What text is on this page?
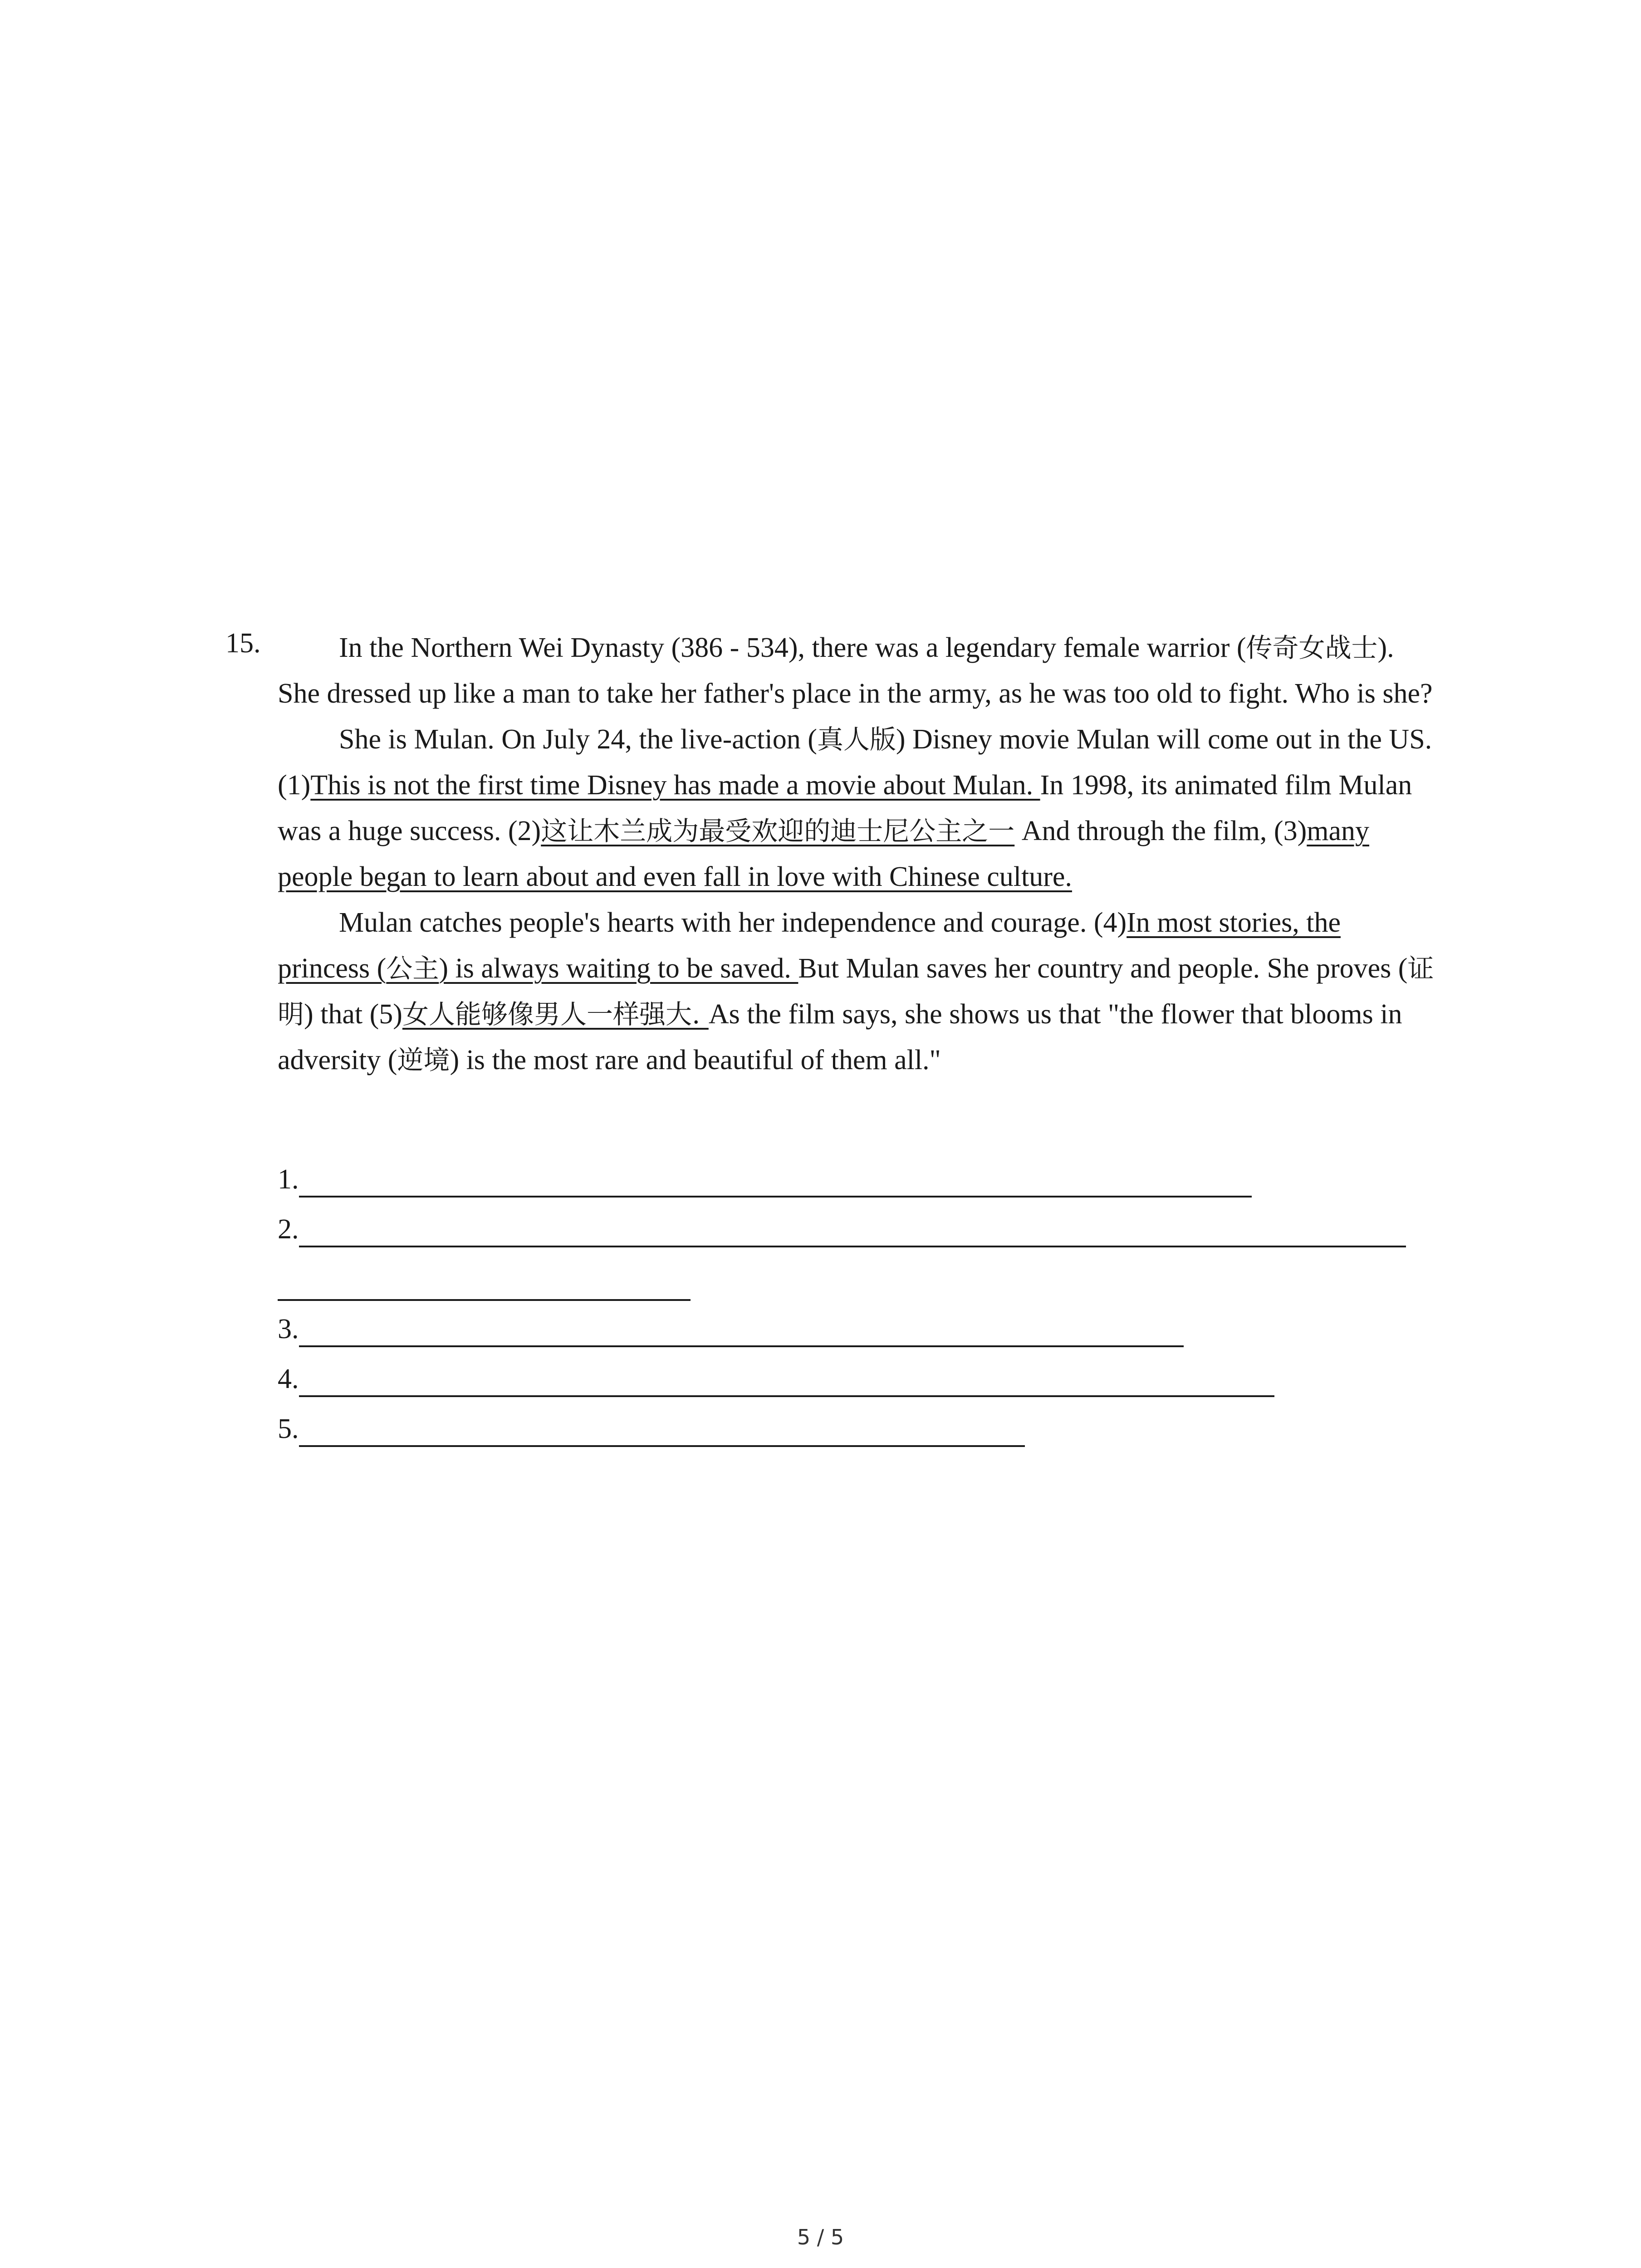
15.	In the Northern Wei Dynasty (386 - 534), there was a legendary female warrior (传奇女战士). She dressed up like a man to take her father's place in the army, as he was too old to fight. Who is she?

She is Mulan. On July 24, the live-action (真人版) Disney movie Mulan will come out in the US. (1)This is not the first time Disney has made a movie about Mulan. In 1998, its animated film Mulan was a huge success. (2)这让木兰成为最受欢迎的迪士尼公主之一 And through the film, (3)many people began to learn about and even fall in love with Chinese culture.

Mulan catches people's hearts with her independence and courage. (4)In most stories, the princess (公主) is always waiting to be saved. But Mulan saves her country and people. She proves (证明) that (5)女人能够像男人一样强大. As the film says, she shows us that "the flower that blooms in adversity (逆境) is the most rare and beautiful of them all."

1.
2.
3.
4.
5.
5 / 5
